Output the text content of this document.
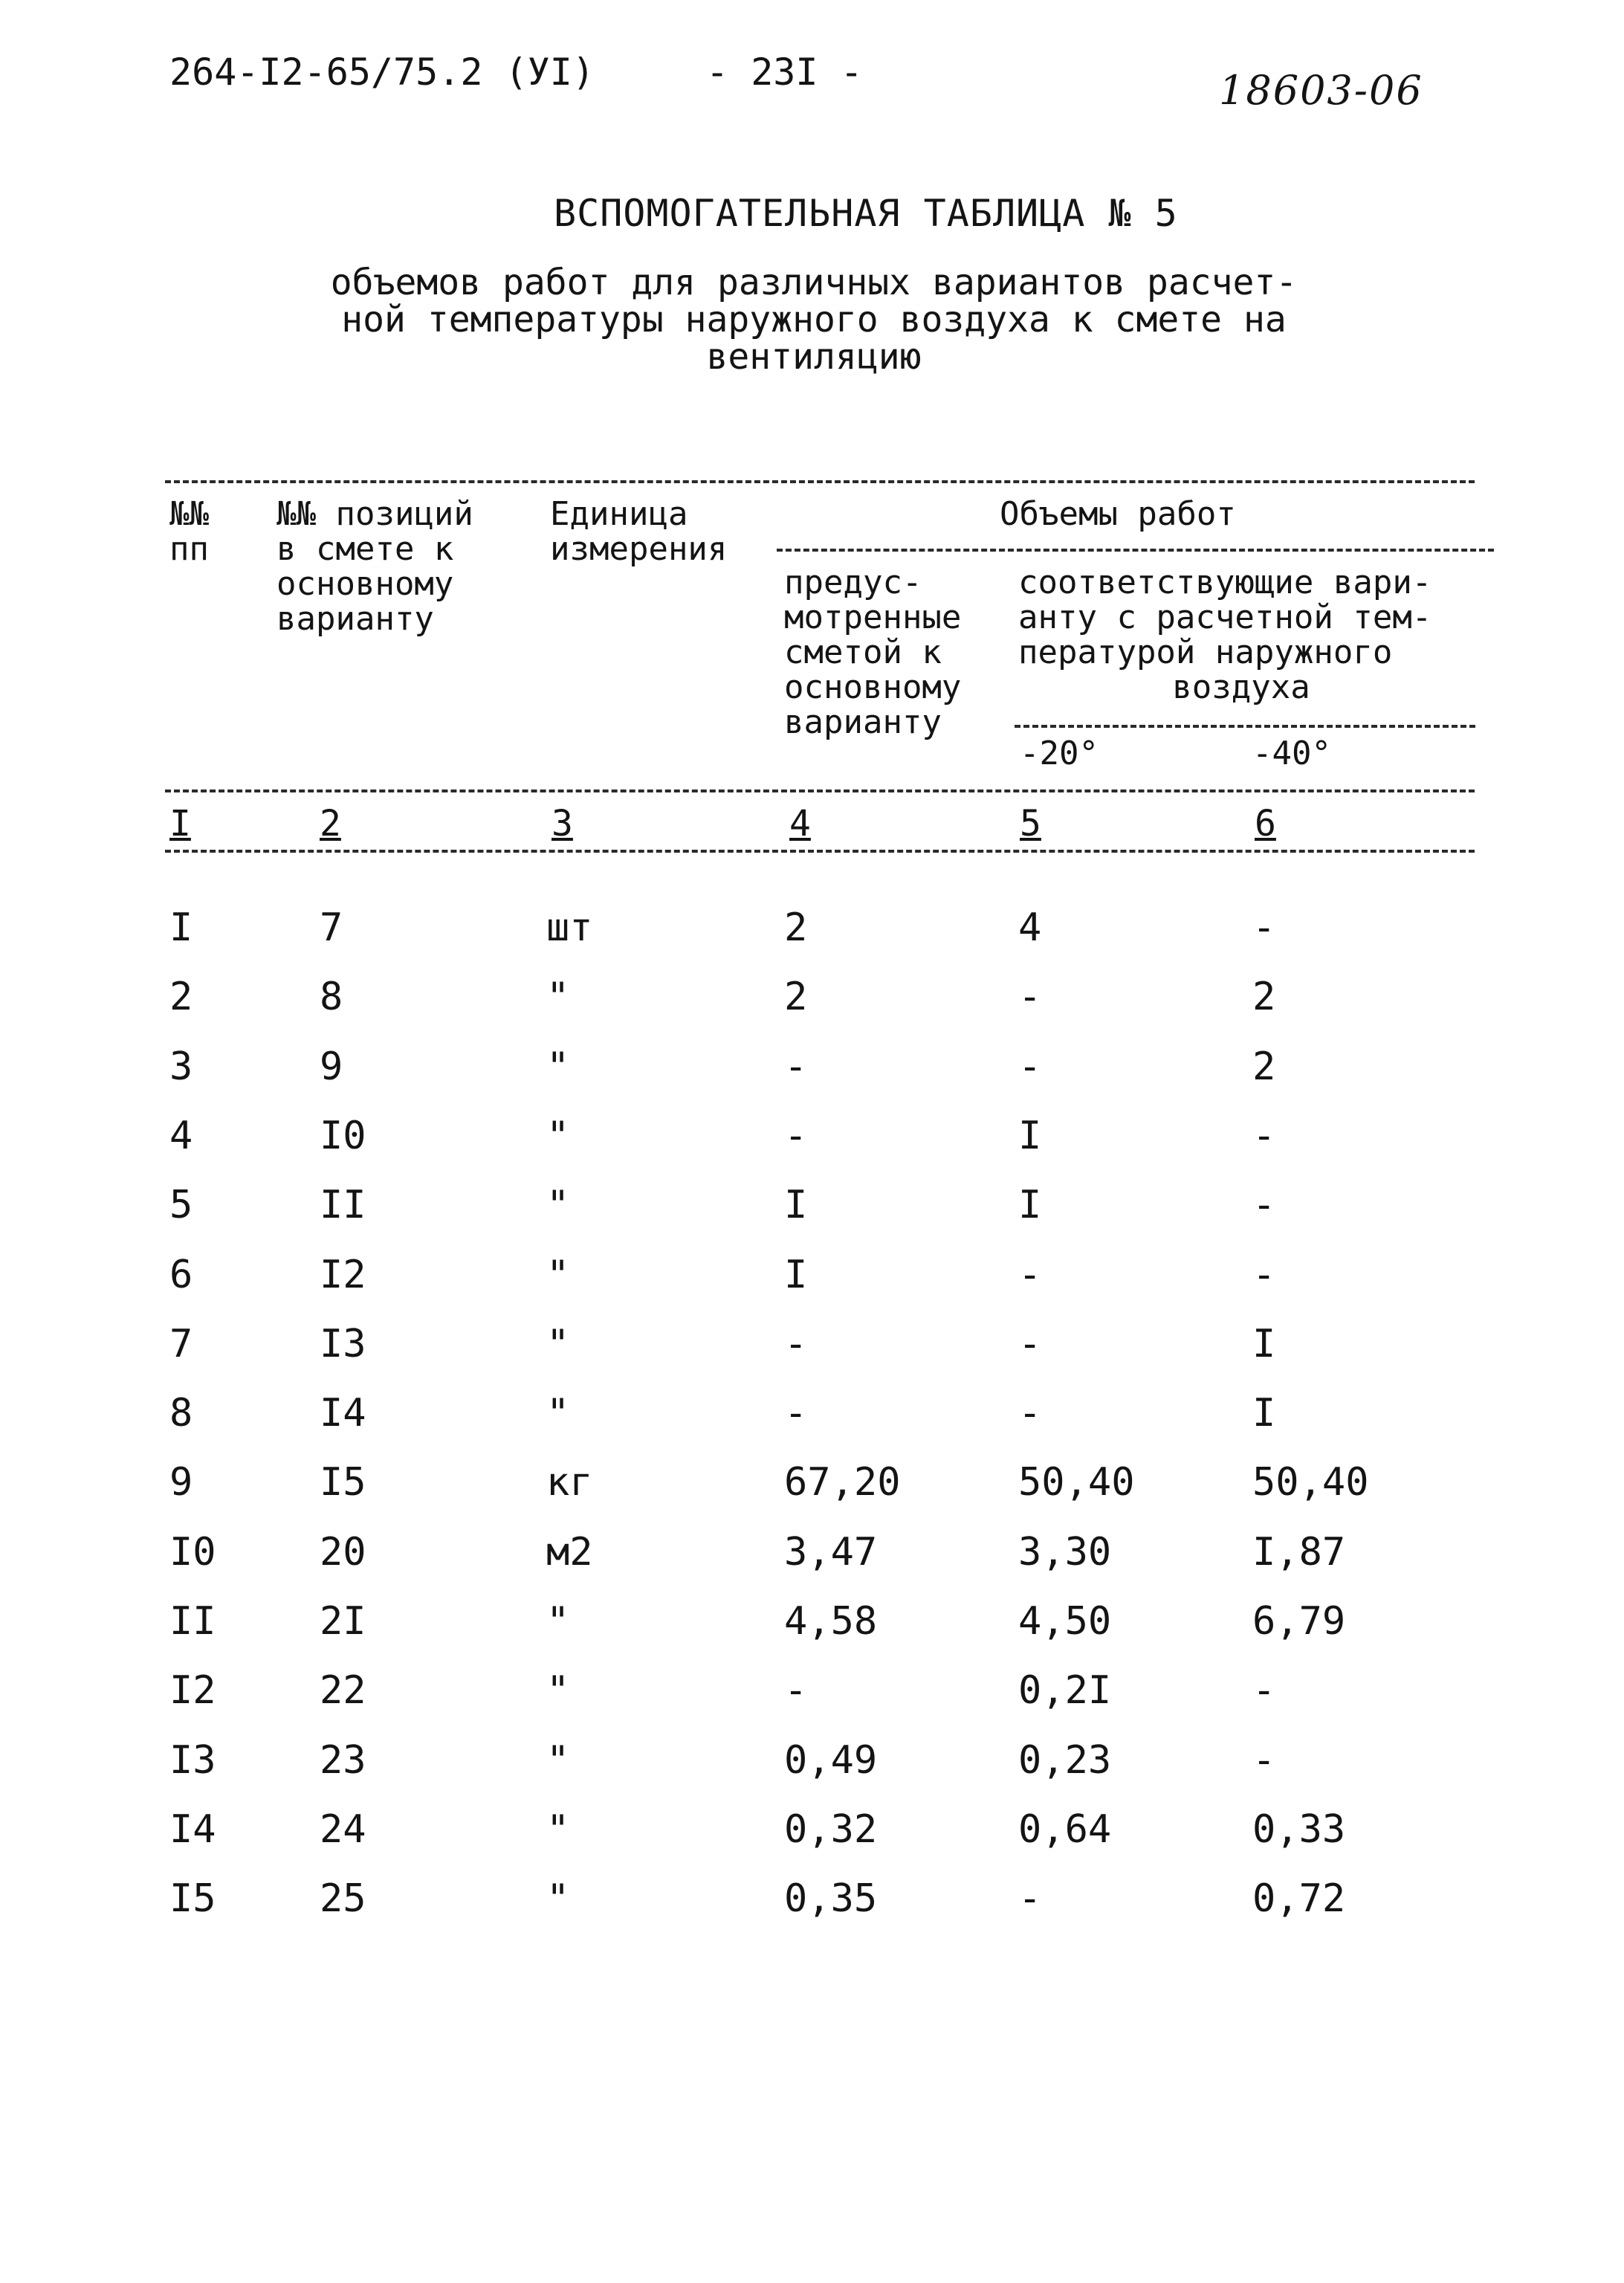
264-I2-65/75.2 (УI)	- 23I -	18603-06
ВСПОМОГАТЕЛЬНАЯ ТАБЛИЦА № 5
объемов работ для различных вариантов расчет-
ной температуры наружного воздуха к смете на
вентиляцию
№№
пп
№№ позиций
в смете к
основному
варианту
Единица
измерения
Объемы работ
предус-
мотренные
сметой к
основному
варианту
соответствующие вари-
анту с расчетной тем-
пературой наружного
воздуха
-20°	-40°
I	2	3	4	5	6
I	7	шт	2	4	-
2	8	"	2	-	2
3	9	"	-	-	2
4	I0	"	-	I	-
5	II	"	I	I	-
6	I2	"	I	-	-
7	I3	"	-	-	I
8	I4	"	-	-	I
9	I5	кг	67,20	50,40	50,40
I0	20	м2	3,47	3,30	I,87
II	2I	"	4,58	4,50	6,79
I2	22	"	-	0,2I	-
I3	23	"	0,49	0,23	-
I4	24	"	0,32	0,64	0,33
I5	25	"	0,35	-	0,72
